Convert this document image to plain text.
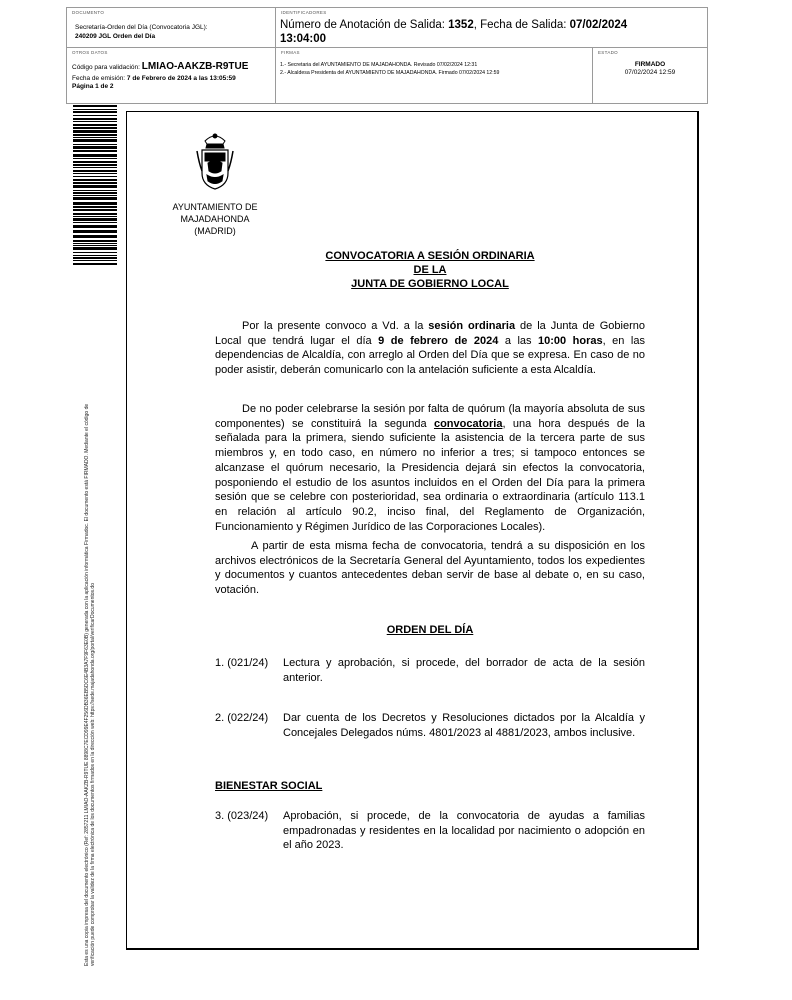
DOCUMENTO
Secretaría-Orden del Día (Convocatoria JGL):
240209 JGL Orden del Día
IDENTIFICADORES
Número de Anotación de Salida: 1352, Fecha de Salida: 07/02/2024
13:04:00
OTROS DATOS
Código para validación: LMIAO-AAKZB-R9TUE
Fecha de emisión: 7 de Febrero de 2024 a las 13:05:59
Página 1 de 2
FIRMAS
1.- Secretaria del AYUNTAMIENTO DE MAJADAHONDA. Revisado 07/02/2024 12:31
2.- Alcaldesa Presidenta del AYUNTAMIENTO DE MAJADAHONDA. Firmado 07/02/2024 12:59
ESTADO
FIRMADO
07/02/2024 12:59
Esta es una copia impresa del documento electrónico (Ref: 2857211 LMIAO-AAKZB-R9TUE 8898C7ECD99E4F256DB36EB5DC6E4B3A7F9F63E0B) generada con la aplicación informática Firmadoc. El documento está FIRMADO. Mediante el código de verificación puede comprobar la validez de la firma electrónica de los documentos firmados en la dirección web: https://sede.majadahonda.org/portal/verificarDocumentos.do
AYUNTAMIENTO DE
MAJADAHONDA
(MADRID)
CONVOCATORIA A SESIÓN ORDINARIA
DE LA
JUNTA DE GOBIERNO LOCAL
Por la presente convoco a Vd. a la sesión ordinaria de la Junta de Gobierno Local que tendrá lugar el día 9 de febrero de 2024 a las 10:00 horas, en las dependencias de Alcaldía, con arreglo al Orden del Día que se expresa. En caso de no poder asistir, deberán comunicarlo con la antelación suficiente a esta Alcaldía.
De no poder celebrarse la sesión por falta de quórum (la mayoría absoluta de sus componentes) se constituirá la segunda convocatoria, una hora después de la señalada para la primera, siendo suficiente la asistencia de la tercera parte de sus miembros y, en todo caso, en número no inferior a tres; si tampoco entonces se alcanzase el quórum necesario, la Presidencia dejará sin efectos la convocatoria, posponiendo el estudio de los asuntos incluidos en el Orden del Día para la primera sesión que se celebre con posterioridad, sea ordinaria o extraordinaria (artículo 113.1 en relación al artículo 90.2, inciso final, del Reglamento de Organización, Funcionamiento y Régimen Jurídico de las Corporaciones Locales).
A partir de esta misma fecha de convocatoria, tendrá a su disposición en los archivos electrónicos de la Secretaría General del Ayuntamiento, todos los expedientes y documentos y cuantos antecedentes deban servir de base al debate o, en su caso, votación.
ORDEN DEL DÍA
1. (021/24)	Lectura y aprobación, si procede, del borrador de acta de la sesión anterior.
2. (022/24)	Dar cuenta de los Decretos y Resoluciones dictados por la Alcaldía y Concejales Delegados núms. 4801/2023 al 4881/2023, ambos inclusive.
BIENESTAR SOCIAL
3. (023/24)	Aprobación, si procede, de la convocatoria de ayudas a familias empadronadas y residentes en la localidad por nacimiento o adopción en el año 2023.
